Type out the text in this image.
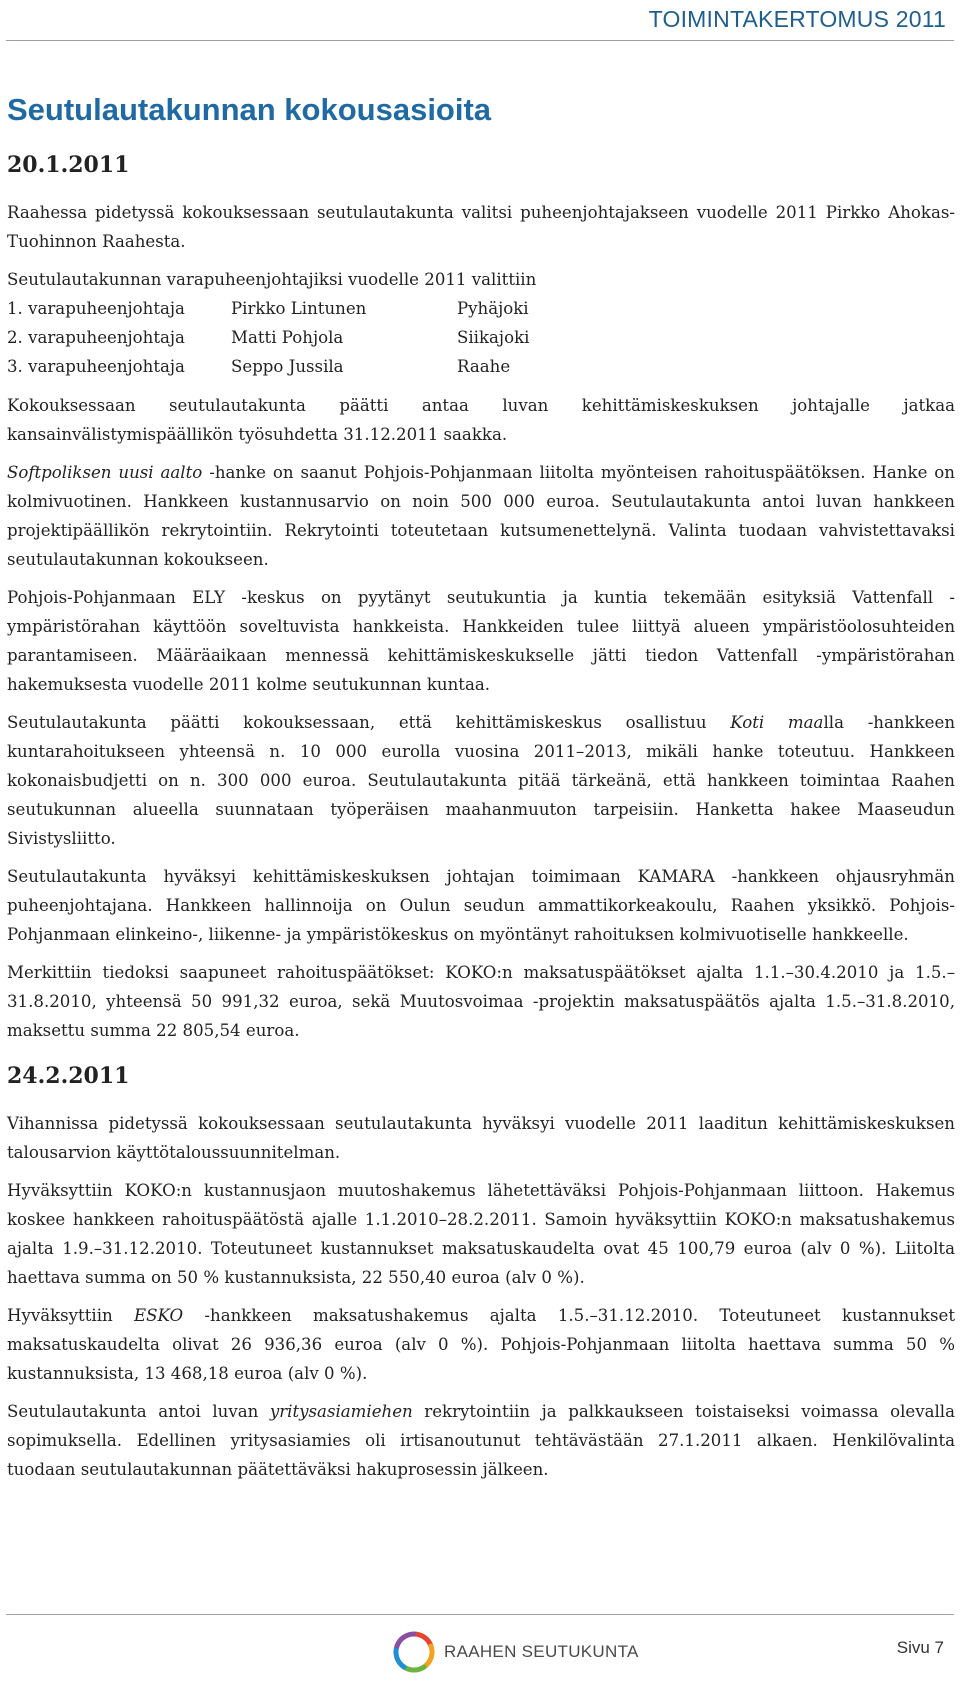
TOIMINTAKERTOMUS 2011
Seutulautakunnan kokousasioita
20.1.2011

Raahessa pidetyssä kokouksessaan seutulautakunta valitsi puheenjohtajakseen vuodelle 2011 Pirkko Ahokas-Tuohinnon Raahesta.

Seutulautakunnan varapuheenjohtajiksi vuodelle 2011 valittiin

1. varapuheenjohtaja	Pirkko Lintunen	Pyhäjoki
2. varapuheenjohtaja	Matti Pohjola	Siikajoki
3. varapuheenjohtaja	Seppo Jussila	Raahe

Kokouksessaan seutulautakunta päätti antaa luvan kehittämiskeskuksen johtajalle jatkaa kansainvälistymispäällikön työsuhdetta 31.12.2011 saakka.

Softpoliksen uusi aalto -hanke on saanut Pohjois-Pohjanmaan liitolta myönteisen rahoituspäätöksen. Hanke on kolmivuotinen. Hankkeen kustannusarvio on noin 500 000 euroa. Seutulautakunta antoi luvan hankkeen projektipäällikön rekrytointiin. Rekrytointi toteutetaan kutsumenettelynä. Valinta tuodaan vahvistettavaksi seutulautakunnan kokoukseen.

Pohjois-Pohjanmaan ELY -keskus on pyytänyt seutukuntia ja kuntia tekemään esityksiä Vattenfall -ympäristörahan käyttöön soveltuvista hankkeista. Hankkeiden tulee liittyä alueen ympäristöolosuhteiden parantamiseen. Määräaikaan mennessä kehittämiskeskukselle jätti tiedon Vattenfall -ympäristörahan hakemuksesta vuodelle 2011 kolme seutukunnan kuntaa.

Seutulautakunta päätti kokouksessaan, että kehittämiskeskus osallistuu Koti maalla -hankkeen kuntarahoitukseen yhteensä n. 10 000 eurolla vuosina 2011–2013, mikäli hanke toteutuu. Hankkeen kokonaisbudjetti on n. 300 000 euroa. Seutulautakunta pitää tärkeänä, että hankkeen toimintaa Raahen seutukunnan alueella suunnataan työperäisen maahanmuuton tarpeisiin. Hanketta hakee Maaseudun Sivistysliitto.

Seutulautakunta hyväksyi kehittämiskeskuksen johtajan toimimaan KAMARA -hankkeen ohjausryhmän puheenjohtajana. Hankkeen hallinnoija on Oulun seudun ammattikorkeakoulu, Raahen yksikkö. Pohjois-Pohjanmaan elinkeino-, liikenne- ja ympäristökeskus on myöntänyt rahoituksen kolmivuotiselle hankkeelle.

Merkittiin tiedoksi saapuneet rahoituspäätökset: KOKO:n maksatuspäätökset ajalta 1.1.–30.4.2010 ja 1.5.–31.8.2010, yhteensä 50 991,32 euroa, sekä Muutosvoimaa -projektin maksatuspäätös ajalta 1.5.–31.8.2010, maksettu summa 22 805,54 euroa.

24.2.2011

Vihannissa pidetyssä kokouksessaan seutulautakunta hyväksyi vuodelle 2011 laaditun kehittämiskeskuksen talousarvion käyttötaloussuunnitelman.

Hyväksyttiin KOKO:n kustannusjaon muutoshakemus lähetettäväksi Pohjois-Pohjanmaan liittoon. Hakemus koskee hankkeen rahoituspäätöstä ajalle 1.1.2010–28.2.2011. Samoin hyväksyttiin KOKO:n maksatushakemus ajalta 1.9.–31.12.2010. Toteutuneet kustannukset maksatuskaudelta ovat 45 100,79 euroa (alv 0 %). Liitolta haettava summa on 50 % kustannuksista, 22 550,40 euroa (alv 0 %).

Hyväksyttiin ESKO -hankkeen maksatushakemus ajalta 1.5.–31.12.2010. Toteutuneet kustannukset maksatuskaudelta olivat 26 936,36 euroa (alv 0 %). Pohjois-Pohjanmaan liitolta haettava summa 50 % kustannuksista, 13 468,18 euroa (alv 0 %).

Seutulautakunta antoi luvan yritysasiamiehen rekrytointiin ja palkkaukseen toistaiseksi voimassa olevalla sopimuksella. Edellinen yritysasiamies oli irtisanoutunut tehtävästään 27.1.2011 alkaen. Henkilövalinta tuodaan seutulautakunnan päätettäväksi hakuprosessin jälkeen.

RAAHEN SEUTUKUNTA	Sivu 7
